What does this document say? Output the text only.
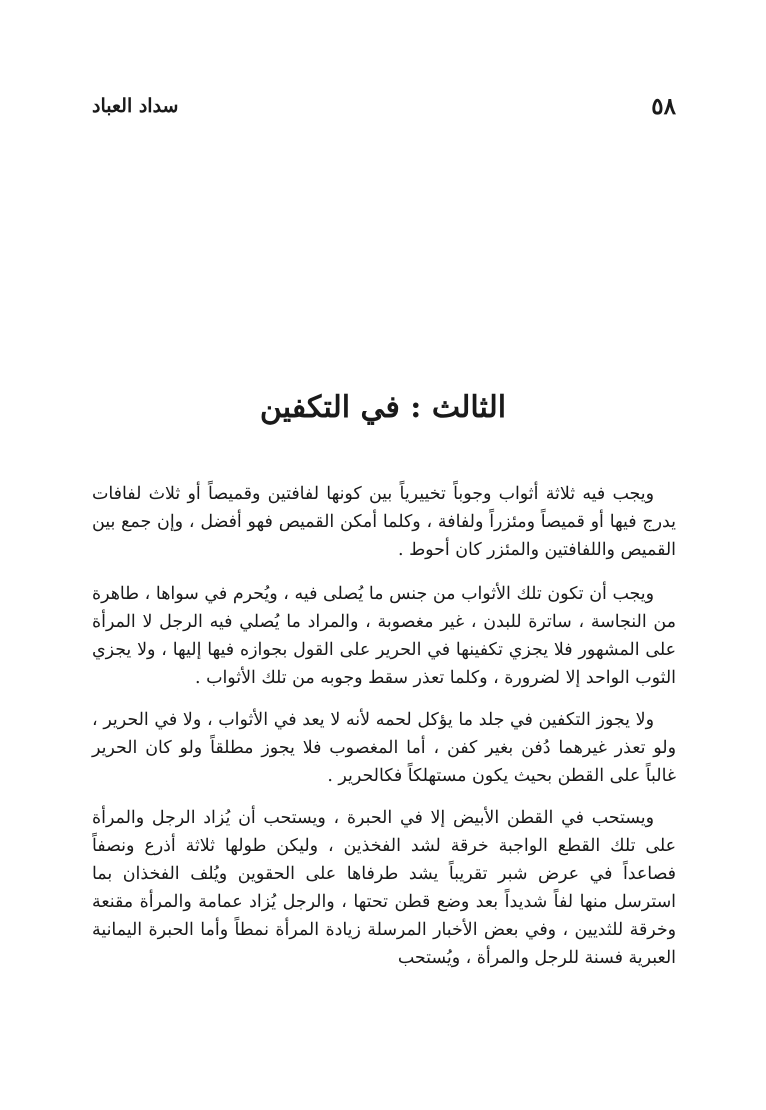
٥٨
سداد العباد
الثالث : في التكفين

ويجب فيه ثلاثة أثواب وجوباً تخييرياً بين كونها لفافتين وقميصاً أو ثلاث لفافات يدرج فيها أو قميصاً ومئزراً ولفافة ، وكلما أمكن القميص فهو أفضل ، وإن جمع بين القميص واللفافتين والمئزر كان أحوط .

ويجب أن تكون تلك الأثواب من جنس ما يُصلى فيه ، ويُحرم في سواها ، طاهرة من النجاسة ، ساترة للبدن ، غير مغصوبة ، والمراد ما يُصلي فيه الرجل لا المرأة على المشهور فلا يجزي تكفينها في الحرير على القول بجوازه فيها إليها ، ولا يجزي الثوب الواحد إلا لضرورة ، وكلما تعذر سقط وجوبه من تلك الأثواب .

ولا يجوز التكفين في جلد ما يؤكل لحمه لأنه لا يعد في الأثواب ، ولا في الحرير ، ولو تعذر غيرهما دُفن بغير كفن ، أما المغصوب فلا يجوز مطلقاً ولو كان الحرير غالباً على القطن بحيث يكون مستهلكاً فكالحرير .

ويستحب في القطن الأبيض إلا في الحبرة ، ويستحب أن يُزاد الرجل والمرأة على تلك القطع الواجبة خرقة لشد الفخذين ، وليكن طولها ثلاثة أذرع ونصفاً فصاعداً في عرض شبر تقريباً يشد طرفاها على الحقوين ويُلف الفخذان بما استرسل منها لفاً شديداً بعد وضع قطن تحتها ، والرجل يُزاد عمامة والمرأة مقنعة وخرقة للثديين ، وفي بعض الأخبار المرسلة زيادة المرأة نمطاً وأما الحبرة اليمانية العبرية فسنة للرجل والمرأة ، ويُستحب
